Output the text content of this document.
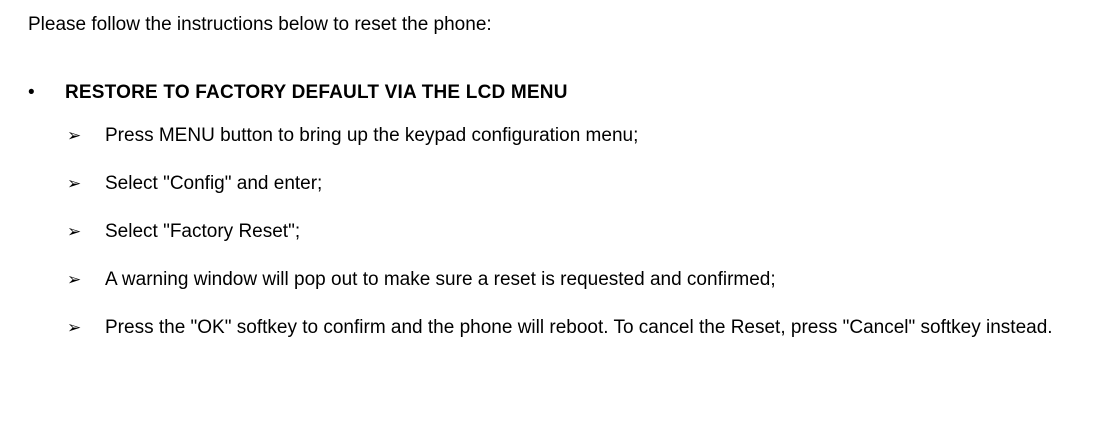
Please follow the instructions below to reset the phone:

•	RESTORE TO FACTORY DEFAULT VIA THE LCD MENU
➢	Press MENU button to bring up the keypad configuration menu;
➢	Select "Config" and enter;
➢	Select "Factory Reset";
➢	A warning window will pop out to make sure a reset is requested and confirmed;
➢	Press the "OK" softkey to confirm and the phone will reboot. To cancel the Reset, press "Cancel" softkey instead.
